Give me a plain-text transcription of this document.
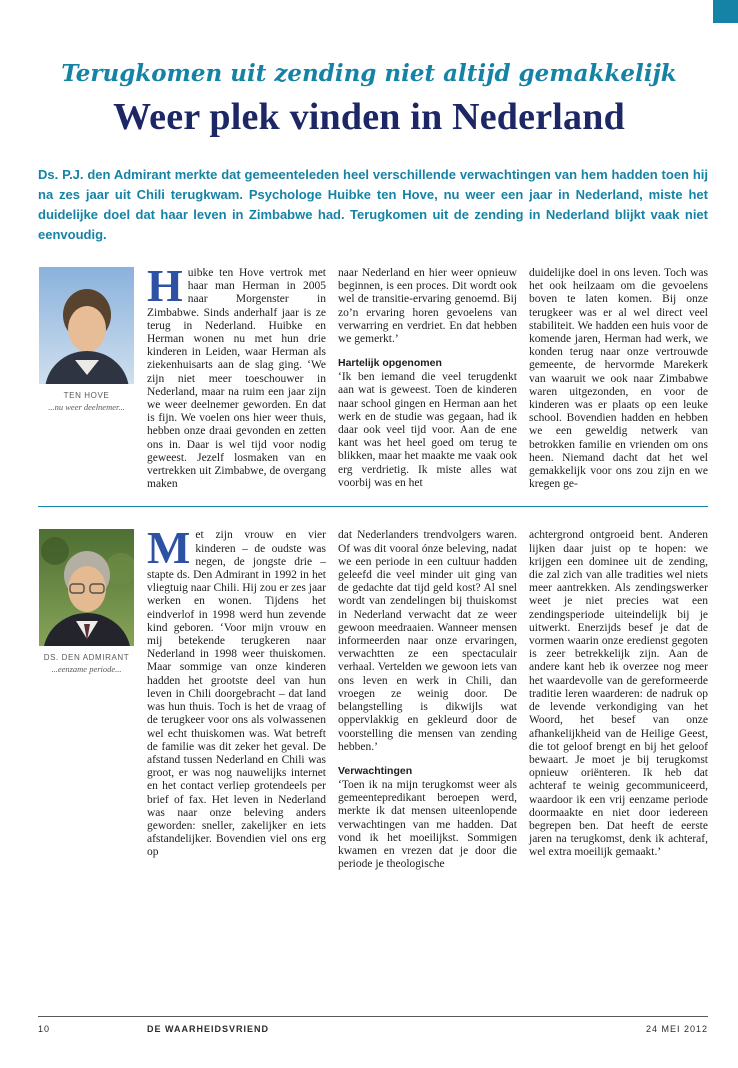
Terugkomen uit zending niet altijd gemakkelijk
Weer plek vinden in Nederland

Ds. P.J. den Admirant merkte dat gemeenteleden heel verschillende verwachtingen van hem hadden toen hij na zes jaar uit Chili terugkwam. Psychologe Huibke ten Hove, nu weer een jaar in Nederland, miste het duidelijke doel dat haar leven in Zimbabwe had. Terugkomen uit de zending in Nederland blijkt vaak niet eenvoudig.

TEN HOVE
...nu weer deelnemer...

Huibke ten Hove vertrok met haar man Herman in 2005 naar Morgenster in Zimbabwe. Sinds anderhalf jaar is ze terug in Nederland. Huibke en Herman wonen nu met hun drie kinderen in Leiden, waar Herman als ziekenhuisarts aan de slag ging. ‘We zijn niet meer toeschouwer in Nederland, maar na ruim een jaar zijn we weer deelnemer geworden. En dat is fijn. We voelen ons hier weer thuis, hebben onze draai gevonden en zetten ons in. Daar is wel tijd voor nodig geweest. Jezelf losmaken van en vertrekken uit Zimbabwe, de overgang maken

naar Nederland en hier weer opnieuw beginnen, is een proces. Dit wordt ook wel de transitie-ervaring genoemd. Bij zo’n ervaring horen gevoelens van verwarring en verdriet. En dat hebben we gemerkt.’

Hartelijk opgenomen

‘Ik ben iemand die veel terugdenkt aan wat is geweest. Toen de kinderen naar school gingen en Herman aan het werk en de studie was gegaan, had ik daar ook veel tijd voor. Aan de ene kant was het heel goed om terug te blikken, maar het maakte me vaak ook erg verdrietig. Ik miste alles wat voorbij was en het

duidelijke doel in ons leven. Toch was het ook heilzaam om die gevoelens boven te laten komen. Bij onze terugkeer was er al wel direct veel stabiliteit. We hadden een huis voor de komende jaren, Herman had werk, we konden terug naar onze vertrouwde gemeente, de hervormde Marekerk van waaruit we ook naar Zimbabwe waren uitgezonden, en voor de kinderen was er plaats op een leuke school. Bovendien hadden en hebben we een geweldig netwerk van betrokken familie en vrienden om ons heen. Niemand dacht dat het wel gemakkelijk voor ons zou zijn en we kregen ge-

DS. DEN ADMIRANT
...eenzame periode...

Met zijn vrouw en vier kinderen – de oudste was negen, de jongste drie – stapte ds. Den Admirant in 1992 in het vliegtuig naar Chili. Hij zou er zes jaar werken en wonen. Tijdens het eindverlof in 1998 werd hun zevende kind geboren. ‘Voor mijn vrouw en mij betekende terugkeren naar Nederland in 1998 weer thuiskomen. Maar sommige van onze kinderen hadden het grootste deel van hun leven in Chili doorgebracht – dat land was hun thuis. Toch is het de vraag of de terugkeer voor ons als volwassenen wel echt thuiskomen was. Wat betreft de familie was dit zeker het geval. De afstand tussen Nederland en Chili was groot, er was nog nauwelijks internet en het contact verliep grotendeels per brief of fax. Het leven in Nederland was naar onze beleving anders geworden: sneller, zakelijker en iets afstandelijker. Bovendien viel ons erg op

dat Nederlanders trendvolgers waren. Of was dit vooral ónze beleving, nadat we een periode in een cultuur hadden geleefd die veel minder uit ging van de gedachte dat tijd geld kost? Al snel wordt van zendelingen bij thuiskomst in Nederland verwacht dat ze weer gewoon meedraaien. Wanneer mensen informeerden naar onze ervaringen, verwachtten ze een spectaculair verhaal. Vertelden we gewoon iets van ons leven en werk in Chili, dan vroegen ze weinig door. De belangstelling is dikwijls wat oppervlakkig en gekleurd door de voorstelling die mensen van zending hebben.’

Verwachtingen

‘Toen ik na mijn terugkomst weer als gemeentepredikant beroepen werd, merkte ik dat mensen uiteenlopende verwachtingen van me hadden. Dat vond ik het moeilijkst. Sommigen kwamen en vrezen dat je door die periode je theologische

achtergrond ontgroeid bent. Anderen lijken daar juist op te hopen: we krijgen een dominee uit de zending, die zal zich van alle tradities wel niets meer aantrekken. Als zendingswerker weet je niet precies wat een zendingsperiode uiteindelijk bij je uitwerkt. Enerzijds besef je dat de vormen waarin onze eredienst gegoten is zeer betrekkelijk zijn. Aan de andere kant heb ik overzee nog meer het waardevolle van de gereformeerde traditie leren waarderen: de nadruk op de levende verkondiging van het Woord, het besef van onze afhankelijkheid van de Heilige Geest, die tot geloof brengt en bij het geloof bewaart. Je moet je bij terugkomst opnieuw oriënteren. Ik heb dat achteraf te weinig gecommuniceerd, waardoor ik een vrij eenzame periode doormaakte en niet door iedereen begrepen ben. Dat heeft de eerste jaren na terugkomst, denk ik achteraf, wel extra moeilijk gemaakt.’

10	DE WAARHEIDSVRIEND	24 MEI 2012
